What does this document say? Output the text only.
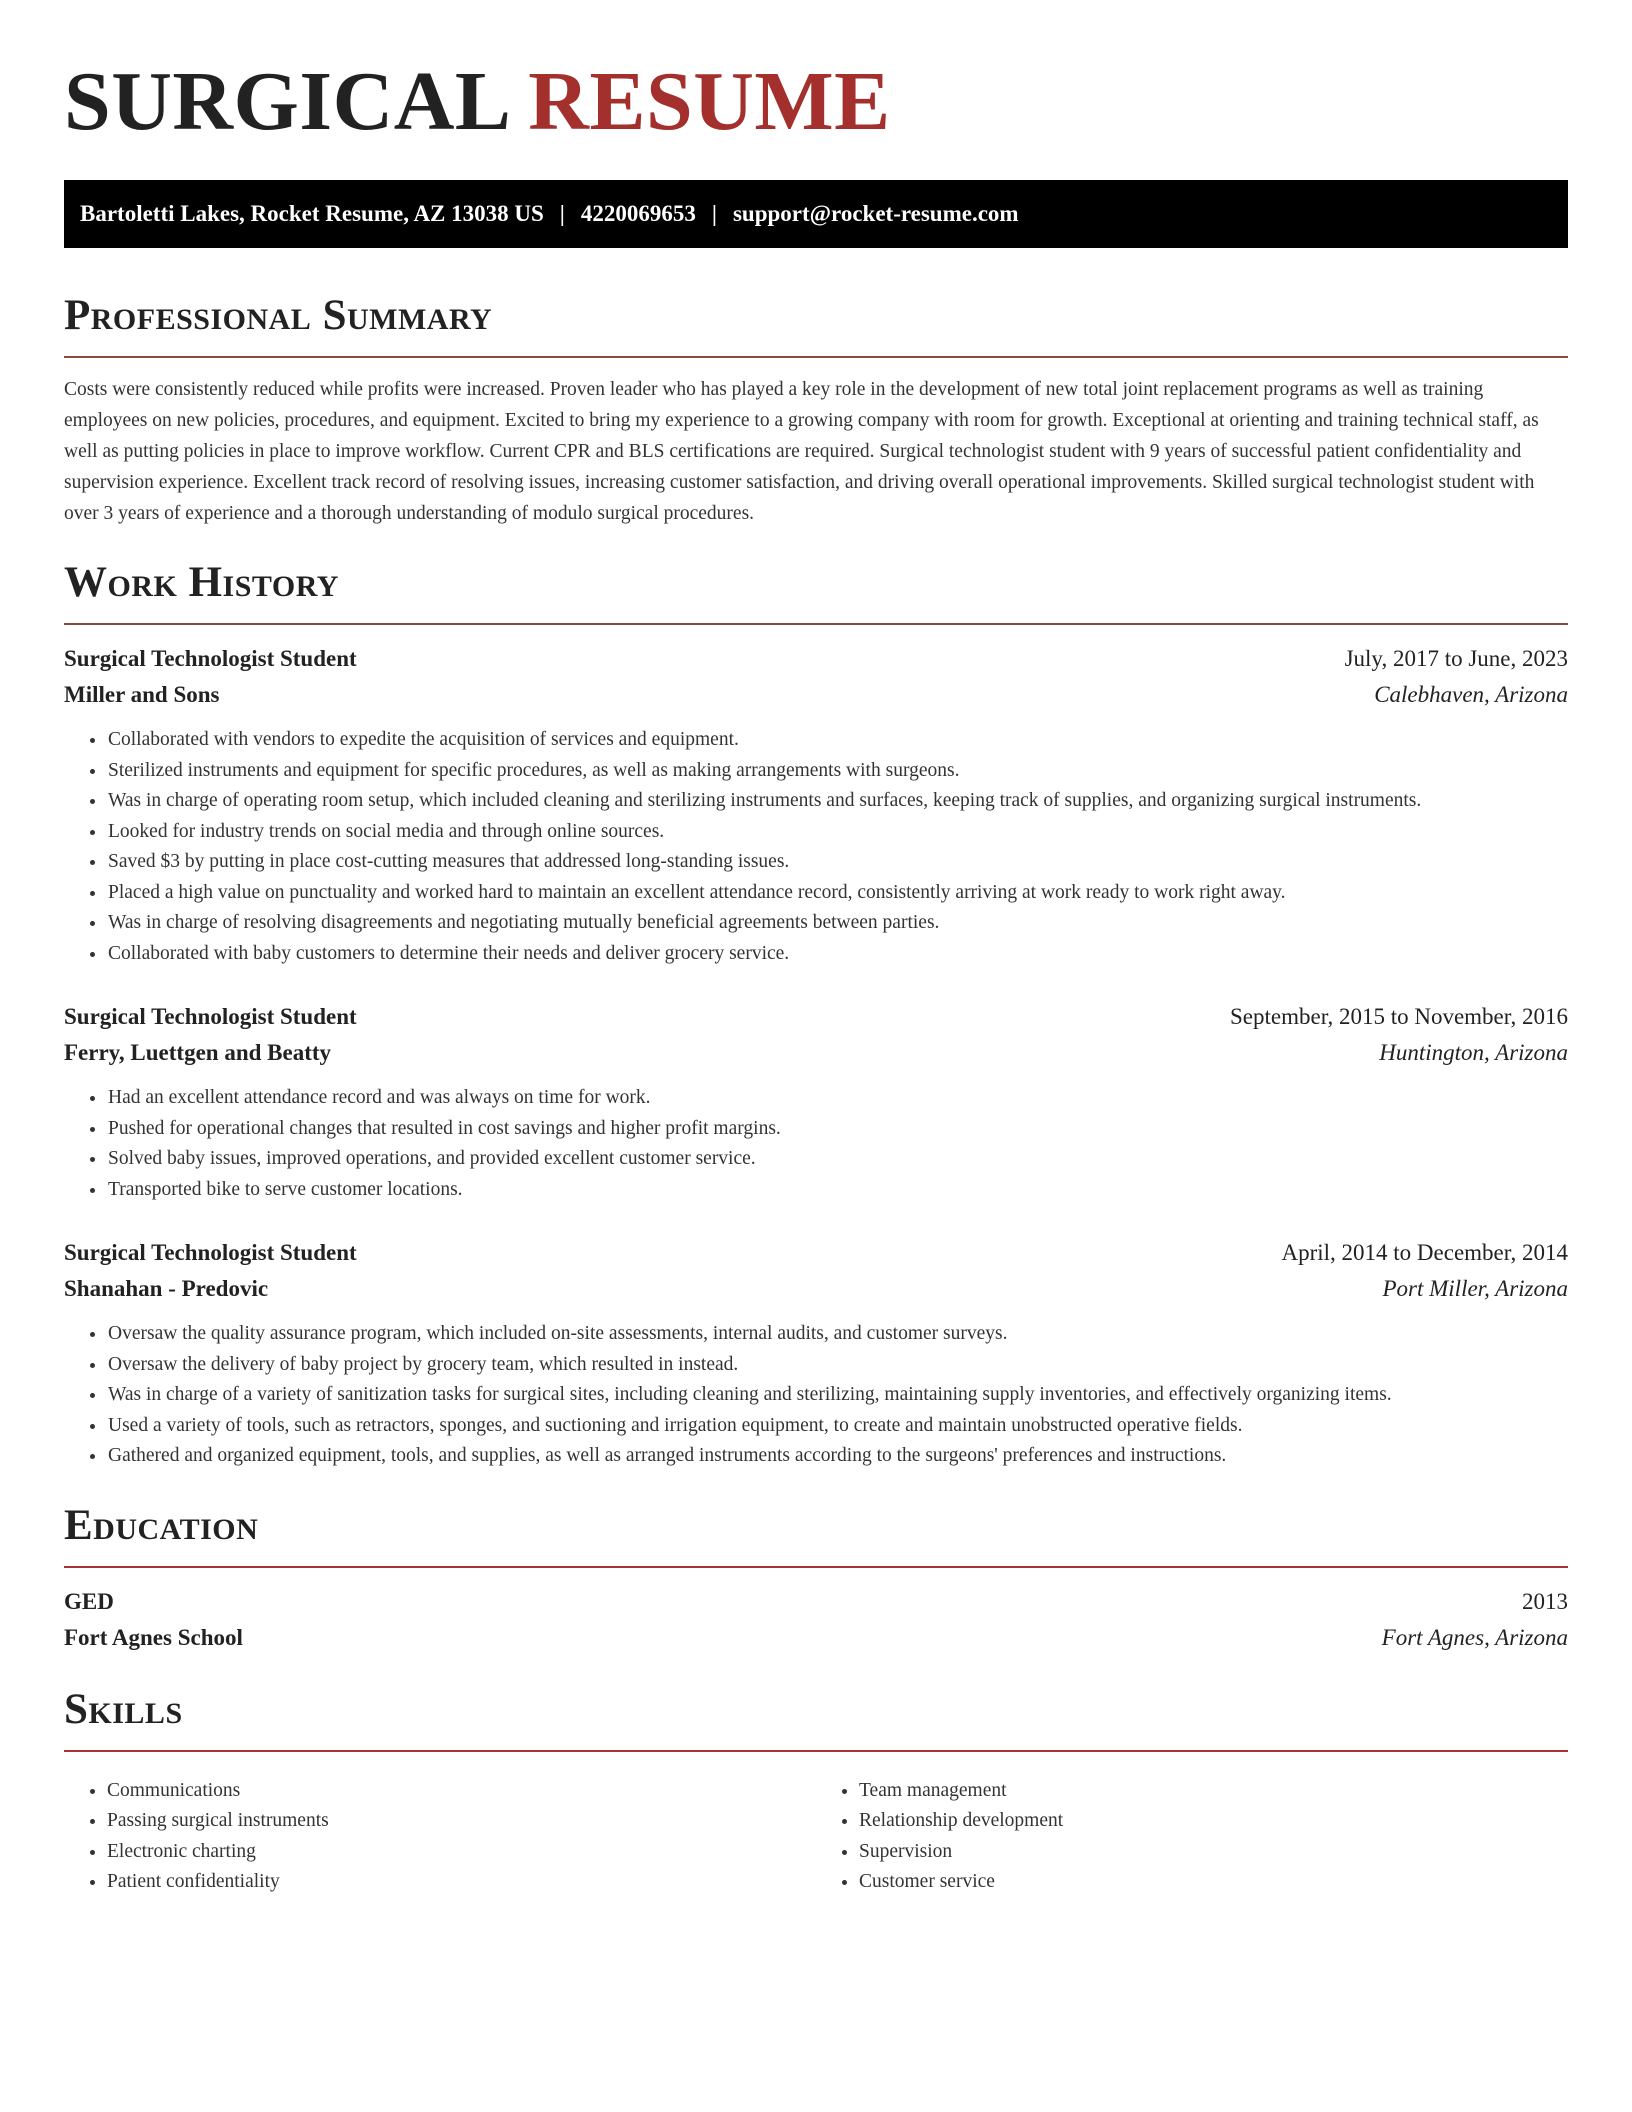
SURGICAL RESUME
Bartoletti Lakes, Rocket Resume, AZ 13038 US | 4220069653 | support@rocket-resume.com
Professional Summary

Costs were consistently reduced while profits were increased. Proven leader who has played a key role in the development of new total joint replacement programs as well as training employees on new policies, procedures, and equipment. Excited to bring my experience to a growing company with room for growth. Exceptional at orienting and training technical staff, as well as putting policies in place to improve workflow. Current CPR and BLS certifications are required. Surgical technologist student with 9 years of successful patient confidentiality and supervision experience. Excellent track record of resolving issues, increasing customer satisfaction, and driving overall operational improvements. Skilled surgical technologist student with over 3 years of experience and a thorough understanding of modulo surgical procedures.

Work History
Surgical Technologist Student	July, 2017 to June, 2023
Miller and Sons	Calebhaven, Arizona
• Collaborated with vendors to expedite the acquisition of services and equipment.
• Sterilized instruments and equipment for specific procedures, as well as making arrangements with surgeons.
• Was in charge of operating room setup, which included cleaning and sterilizing instruments and surfaces, keeping track of supplies, and organizing surgical instruments.
• Looked for industry trends on social media and through online sources.
• Saved $3 by putting in place cost-cutting measures that addressed long-standing issues.
• Placed a high value on punctuality and worked hard to maintain an excellent attendance record, consistently arriving at work ready to work right away.
• Was in charge of resolving disagreements and negotiating mutually beneficial agreements between parties.
• Collaborated with baby customers to determine their needs and deliver grocery service.
Surgical Technologist Student	September, 2015 to November, 2016
Ferry, Luettgen and Beatty	Huntington, Arizona
• Had an excellent attendance record and was always on time for work.
• Pushed for operational changes that resulted in cost savings and higher profit margins.
• Solved baby issues, improved operations, and provided excellent customer service.
• Transported bike to serve customer locations.
Surgical Technologist Student	April, 2014 to December, 2014
Shanahan - Predovic	Port Miller, Arizona
• Oversaw the quality assurance program, which included on-site assessments, internal audits, and customer surveys.
• Oversaw the delivery of baby project by grocery team, which resulted in instead.
• Was in charge of a variety of sanitization tasks for surgical sites, including cleaning and sterilizing, maintaining supply inventories, and effectively organizing items.
• Used a variety of tools, such as retractors, sponges, and suctioning and irrigation equipment, to create and maintain unobstructed operative fields.
• Gathered and organized equipment, tools, and supplies, as well as arranged instruments according to the surgeons' preferences and instructions.
Education
GED	2013
Fort Agnes School	Fort Agnes, Arizona
Skills
• Communications
• Passing surgical instruments
• Electronic charting
• Patient confidentiality
• Team management
• Relationship development
• Supervision
• Customer service
